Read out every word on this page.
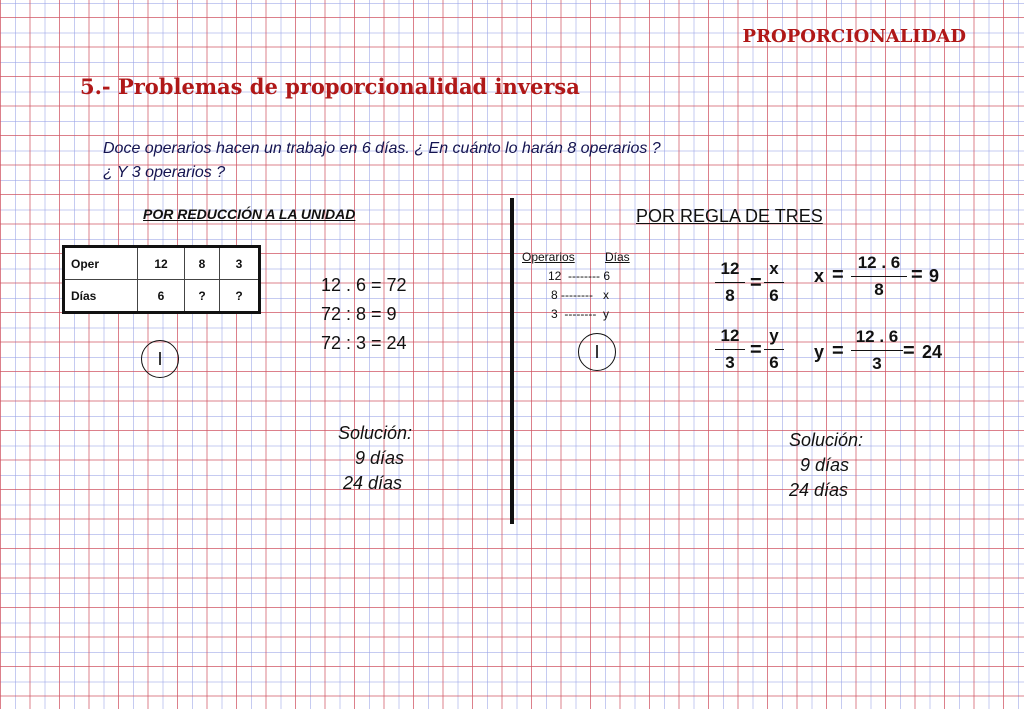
PROPORCIONALIDAD
5.- Problemas de proporcionalidad inversa
Doce operarios hacen un trabajo en 6 días. ¿ En cuánto lo harán 8 operarios ?
¿ Y 3 operarios ?
POR REDUCCIÓN A LA UNIDAD
Oper	12	8	3
Días	6	?	?
12 . 6 = 72
72 : 8 = 9
72 : 3 = 24
I
Solución:
9 días
24 días
POR REGLA DE TRES
Operarios	Días
12  -------- 6
8 --------   x
3  --------  y
I
12
8
=
x
6
12
3
=
y
6
x =
12 . 6
8
= 9
y =
12 . 6
3
= 24
Solución:
9 días
24 días
